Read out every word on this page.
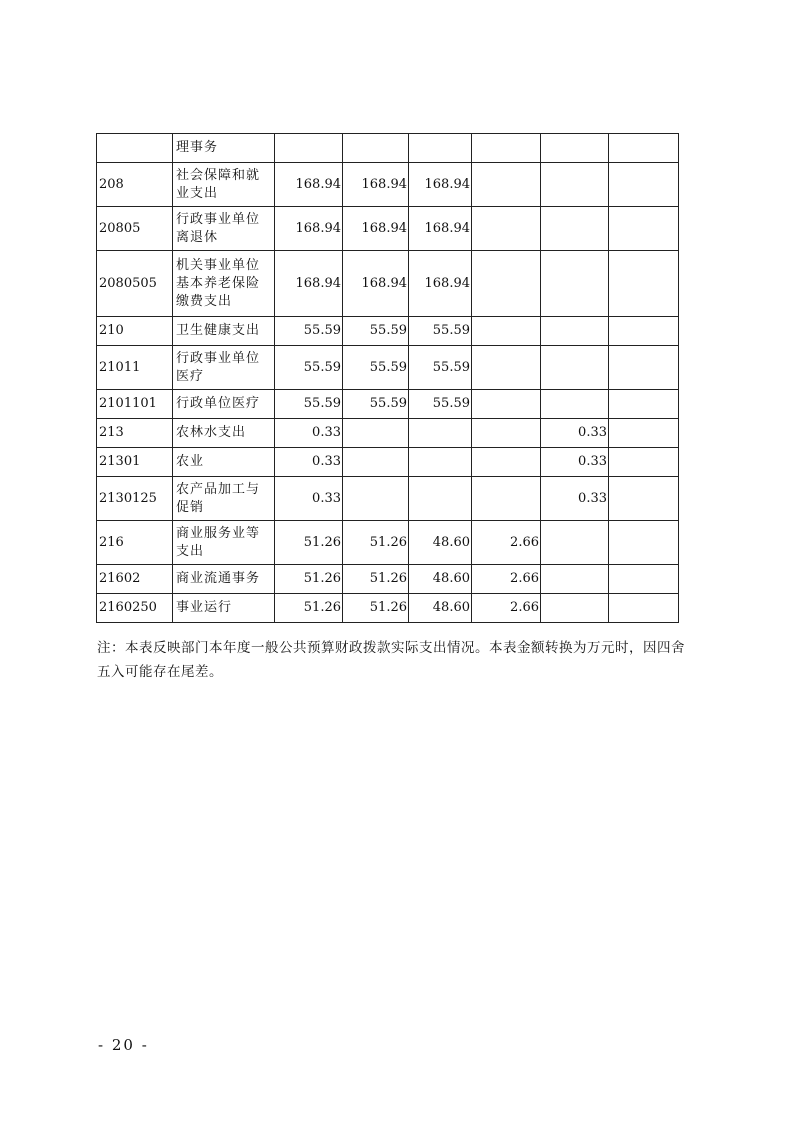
	理事务						
208	社会保障和就业支出	168.94	168.94	168.94			
20805	行政事业单位离退休	168.94	168.94	168.94			
2080505	机关事业单位基本养老保险缴费支出	168.94	168.94	168.94			
210	卫生健康支出	55.59	55.59	55.59			
21011	行政事业单位医疗	55.59	55.59	55.59			
2101101	行政单位医疗	55.59	55.59	55.59			
213	农林水支出	0.33				0.33	
21301	农业	0.33				0.33	
2130125	农产品加工与促销	0.33				0.33	
216	商业服务业等支出	51.26	51.26	48.60	2.66		
21602	商业流通事务	51.26	51.26	48.60	2.66		
2160250	事业运行	51.26	51.26	48.60	2.66		

注：本表反映部门本年度一般公共预算财政拨款实际支出情况。本表金额转换为万元时，因四舍五入可能存在尾差。

- 20 -
